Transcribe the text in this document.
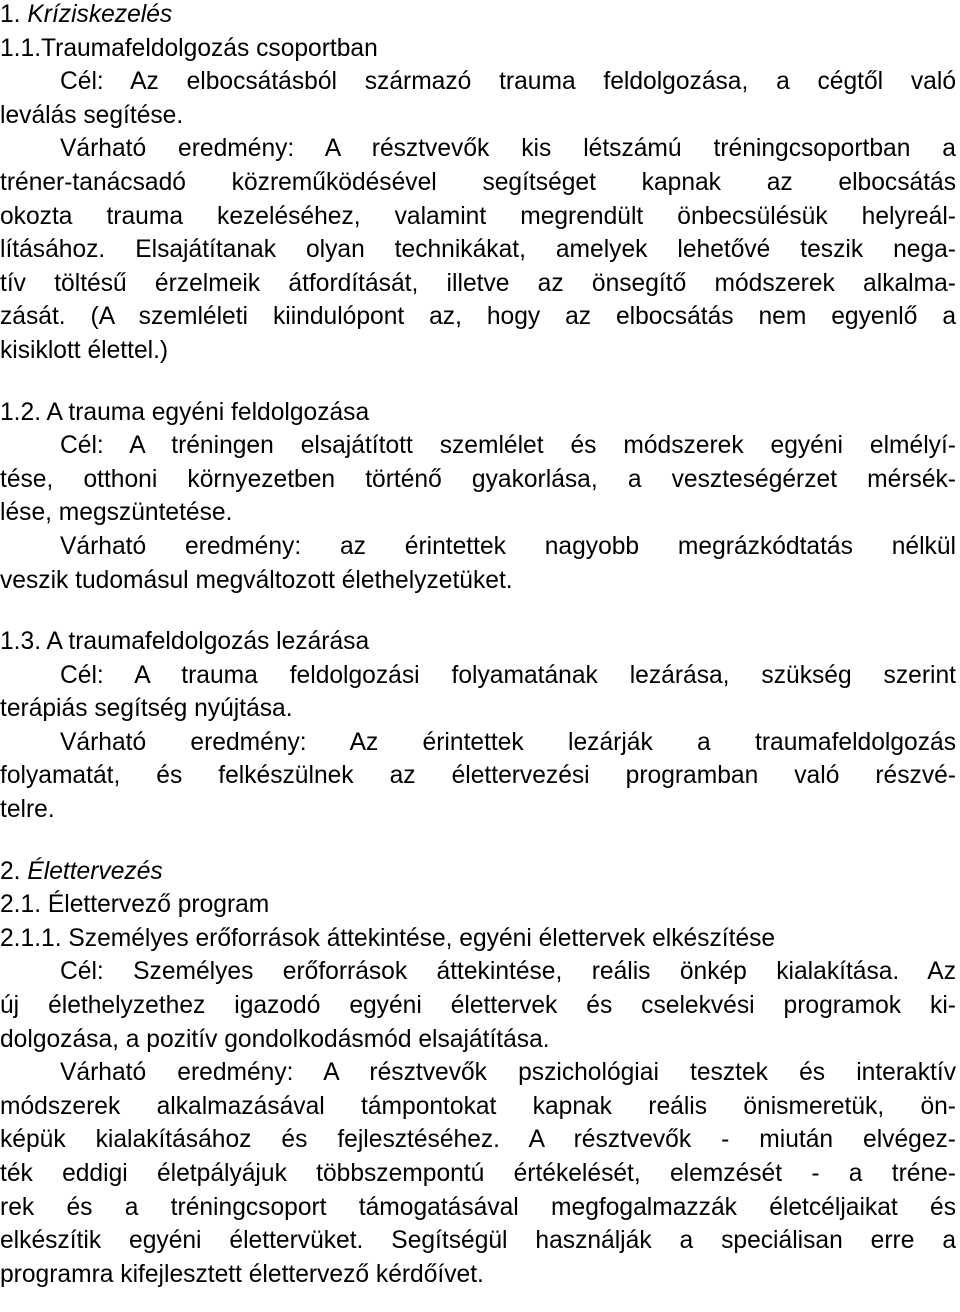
1. Kríziskezelés
1.1.Traumafeldolgozás csoportban
Cél: Az elbocsátásból származó trauma feldolgozása, a cégtől való
leválás segítése.
Várható eredmény: A résztvevők kis létszámú tréningcsoportban a
tréner-tanácsadó közreműködésével segítséget kapnak az elbocsátás
okozta trauma kezeléséhez, valamint megrendült önbecsülésük helyreál-
lításához. Elsajátítanak olyan technikákat, amelyek lehetővé teszik nega-
tív töltésű érzelmeik átfordítását, illetve az önsegítő módszerek alkalma-
zását. (A szemléleti kiindulópont az, hogy az elbocsátás nem egyenlő a
kisiklott élettel.)
1.2. A trauma egyéni feldolgozása
Cél: A tréningen elsajátított szemlélet és módszerek egyéni elmélyí-
tése, otthoni környezetben történő gyakorlása, a veszteségérzet mérsék-
lése, megszüntetése.
Várható eredmény: az érintettek nagyobb megrázkódtatás nélkül
veszik tudomásul megváltozott élethelyzetüket.
1.3. A traumafeldolgozás lezárása
Cél: A trauma feldolgozási folyamatának lezárása, szükség szerint
terápiás segítség nyújtása.
Várható eredmény: Az érintettek lezárják a traumafeldolgozás
folyamatát, és felkészülnek az élettervezési programban való részvé-
telre.
2. Élettervezés
2.1. Élettervező program
2.1.1. Személyes erőforrások áttekintése, egyéni élettervek elkészítése
Cél: Személyes erőforrások áttekintése, reális önkép kialakítása. Az
új élethelyzethez igazodó egyéni élettervek és cselekvési programok ki-
dolgozása, a pozitív gondolkodásmód elsajátítása.
Várható eredmény: A résztvevők pszichológiai tesztek és interaktív
módszerek alkalmazásával támpontokat kapnak reális önismeretük, ön-
képük kialakításához és fejlesztéséhez. A résztvevők - miután elvégez-
ték eddigi életpályájuk többszempontú értékelését, elemzését - a tréne-
rek és a tréningcsoport támogatásával megfogalmazzák életcéljaikat és
elkészítik egyéni élettervüket. Segítségül használják a speciálisan erre a
programra kifejlesztett élettervező kérdőívet.
